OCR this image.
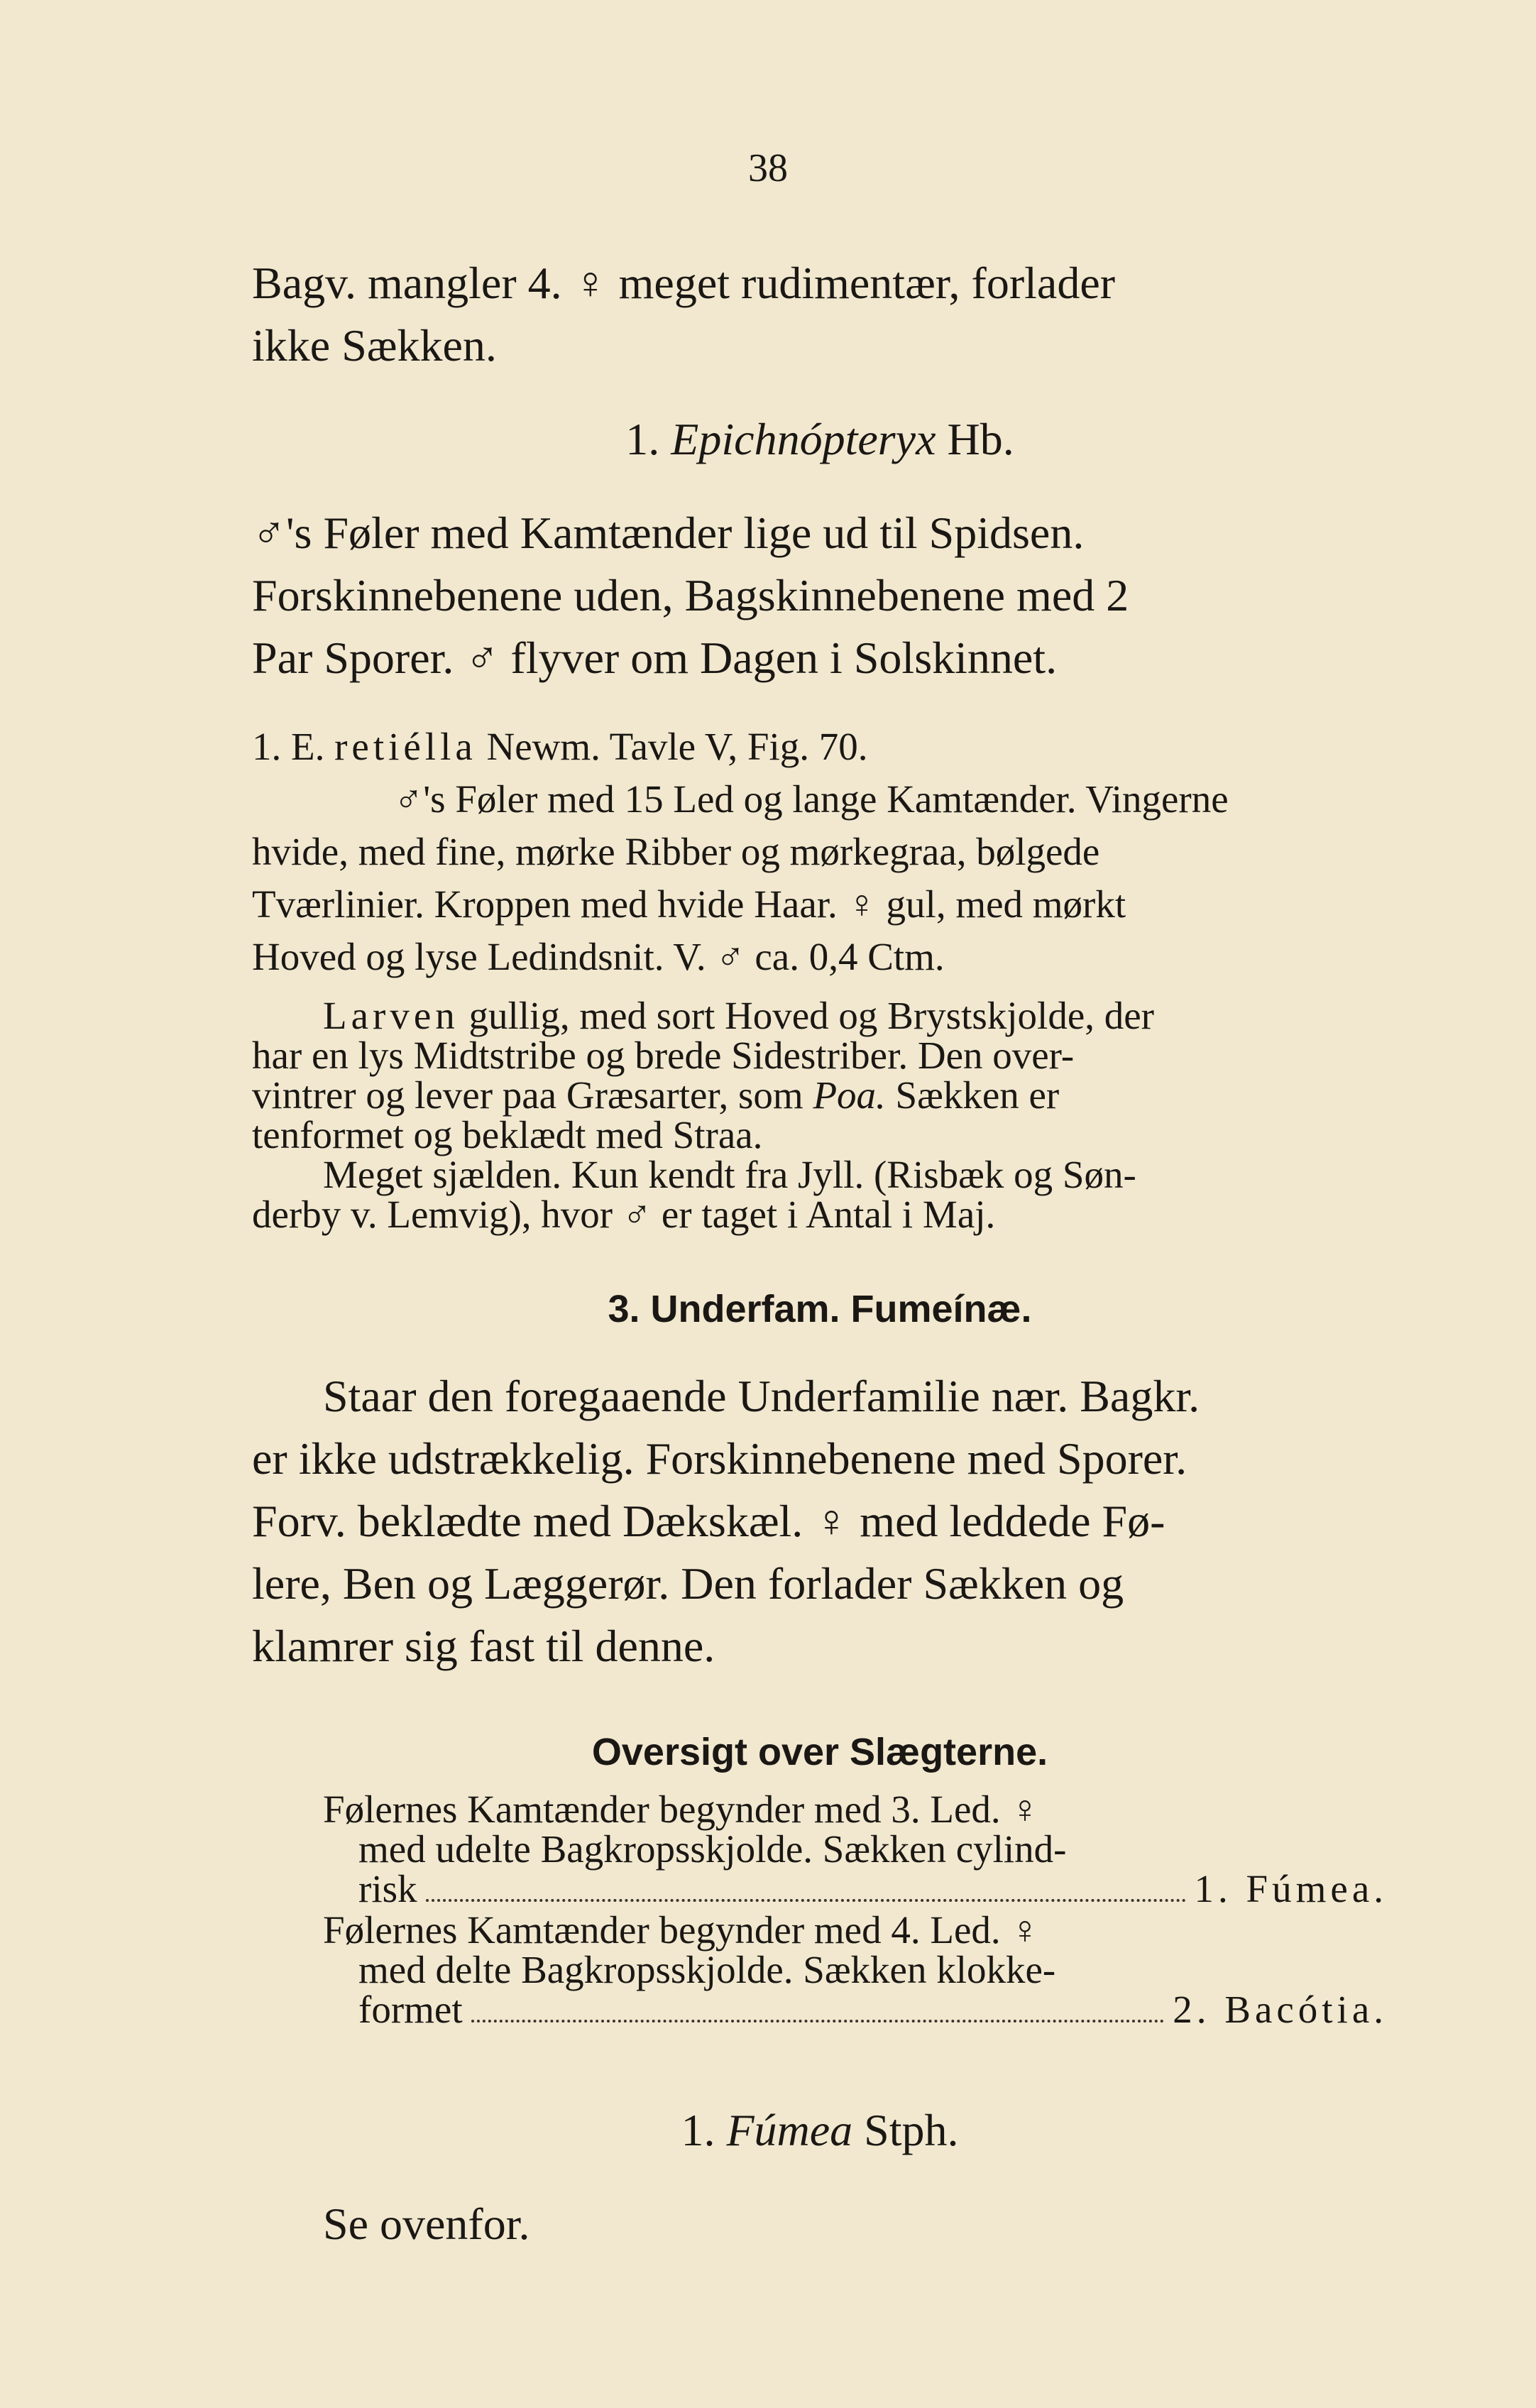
38

Bagv. mangler 4. ♀ meget rudimentær, forlader
ikke Sækken.

1. Epichnópteryx Hb.

♂'s Føler med Kamtænder lige ud til Spidsen.
Forskinnebenene uden, Bagskinnebenene med 2
Par Sporer. ♂ flyver om Dagen i Solskinnet.

1. E. retiélla Newm. Tavle V, Fig. 70.
♂'s Føler med 15 Led og lange Kamtænder. Vingerne
hvide, med fine, mørke Ribber og mørkegraa, bølgede
Tværlinier. Kroppen med hvide Haar. ♀ gul, med mørkt
Hoved og lyse Ledindsnit. V. ♂ ca. 0,4 Ctm.

Larven gullig, med sort Hoved og Brystskjolde, der
har en lys Midtstribe og brede Sidestriber. Den over-
vintrer og lever paa Græsarter, som Poa. Sækken er
tenformet og beklædt med Straa.
Meget sjælden. Kun kendt fra Jyll. (Risbæk og Søn-
derby v. Lemvig), hvor ♂ er taget i Antal i Maj.

3. Underfam. Fumeínæ.

Staar den foregaaende Underfamilie nær. Bagkr.
er ikke udstrækkelig. Forskinnebenene med Sporer.
Forv. beklædte med Dækskæl. ♀ med leddede Fø-
lere, Ben og Læggerør. Den forlader Sækken og
klamrer sig fast til denne.

Oversigt over Slægterne.

Følernes Kamtænder begynder med 3. Led. ♀
med udelte Bagkropsskjolde. Sækken cylind-
risk	1. Fúmea.
Følernes Kamtænder begynder med 4. Led. ♀
med delte Bagkropsskjolde. Sækken klokke-
formet	2. Bacótia.

1. Fúmea Stph.

Se ovenfor.
